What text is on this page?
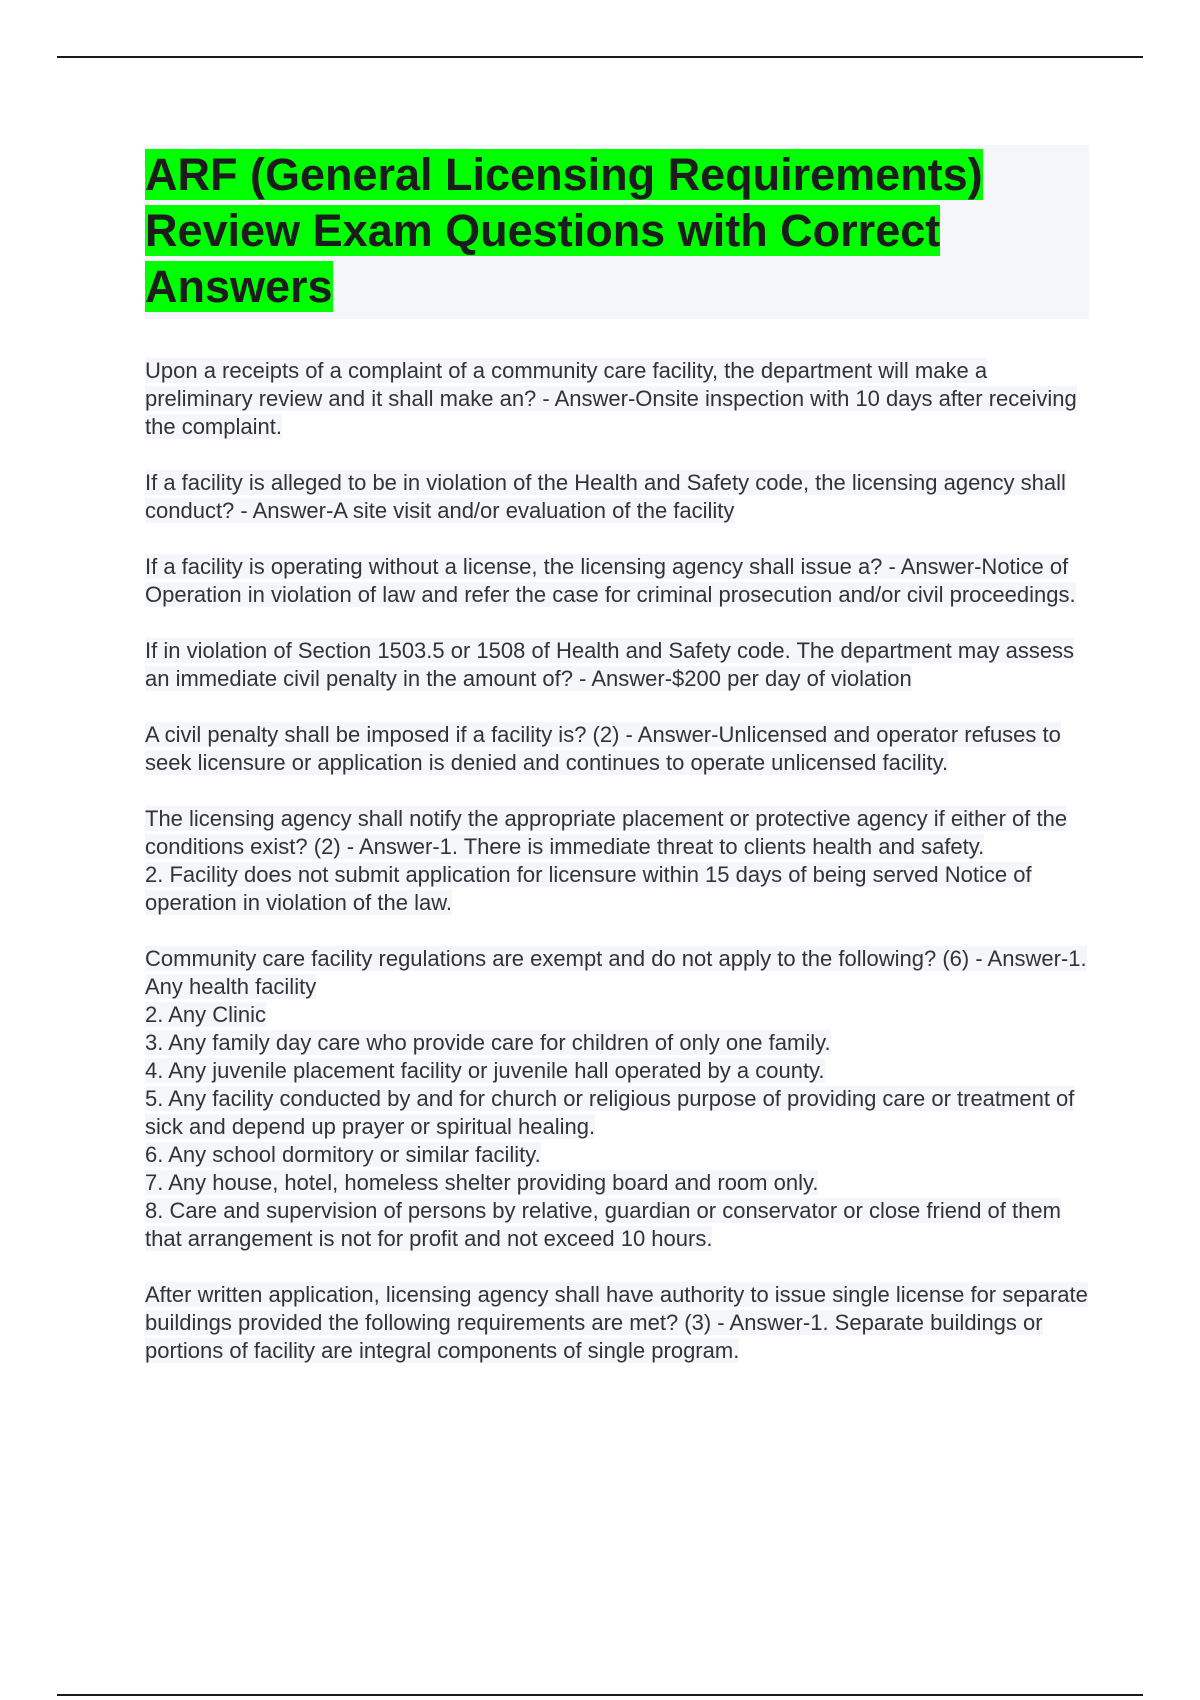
ARF (General Licensing Requirements) Review Exam Questions with Correct Answers

Upon a receipts of a complaint of a community care facility, the department will make a preliminary review and it shall make an? - Answer-Onsite inspection with 10 days after receiving the complaint.

If a facility is alleged to be in violation of the Health and Safety code, the licensing agency shall conduct? - Answer-A site visit and/or evaluation of the facility

If a facility is operating without a license, the licensing agency shall issue a? - Answer-Notice of Operation in violation of law and refer the case for criminal prosecution and/or civil proceedings.

If in violation of Section 1503.5 or 1508 of Health and Safety code. The department may assess an immediate civil penalty in the amount of? - Answer-$200 per day of violation

A civil penalty shall be imposed if a facility is? (2) - Answer-Unlicensed and operator refuses to seek licensure or application is denied and continues to operate unlicensed facility.

The licensing agency shall notify the appropriate placement or protective agency if either of the conditions exist? (2) - Answer-1. There is immediate threat to clients health and safety.
2. Facility does not submit application for licensure within 15 days of being served Notice of operation in violation of the law.

Community care facility regulations are exempt and do not apply to the following? (6) - Answer-1. Any health facility
2. Any Clinic
3. Any family day care who provide care for children of only one family.
4. Any juvenile placement facility or juvenile hall operated by a county.
5. Any facility conducted by and for church or religious purpose of providing care or treatment of sick and depend up prayer or spiritual healing.
6. Any school dormitory or similar facility.
7. Any house, hotel, homeless shelter providing board and room only.
8. Care and supervision of persons by relative, guardian or conservator or close friend of them that arrangement is not for profit and not exceed 10 hours.

After written application, licensing agency shall have authority to issue single license for separate buildings provided the following requirements are met? (3) - Answer-1. Separate buildings or portions of facility are integral components of single program.
